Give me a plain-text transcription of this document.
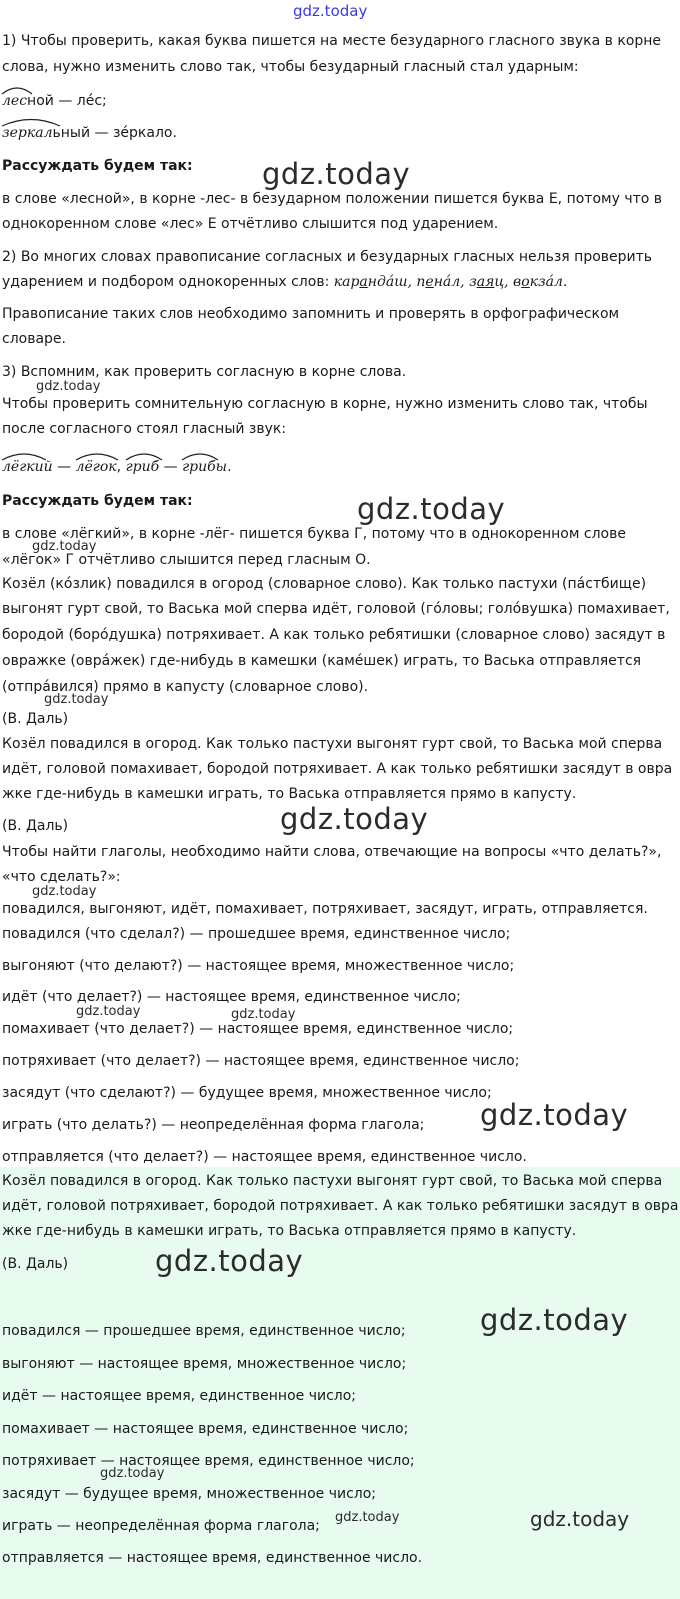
gdz.today
1) Чтобы проверить, какая буква пишется на месте безударного гласного звука в корне
слова, нужно изменить слово так, чтобы безударный гласный стал ударным:
лесной — лéс;
зеркальный — зéркало.
Рассуждать будем так:	gdz.today
в слове «лесной», в корне -лес- в безударном положении пишется буква Е, потому что в
однокоренном слове «лес» Е отчётливо слышится под ударением.
2) Во многих словах правописание согласных и безударных гласных нельзя проверить
ударением и подбором однокоренных слов: карандáш, пенáл, заяц, вокзáл.
Правописание таких слов необходимо запомнить и проверять в орфографическом
словаре.
3) Вспомним, как проверить согласную в корне слова.
gdz.today
Чтобы проверить сомнительную согласную в корне, нужно изменить слово так, чтобы
после согласного стоял гласный звук:
лёгкий — лёгок, гриб — грибы.
Рассуждать будем так:	gdz.today
в слове «лёгкий», в корне -лёг- пишется буква Г, потому что в однокоренном слове
gdz.today
«лёгок» Г отчётливо слышится перед гласным О.
Козёл (кóзлик) повадился в огород (словарное слово). Как только пастухи (пáстбище)
выгонят гурт свой, то Васька мой сперва идёт, головой (гóловы; голóвушка) помахивает,
бородой (борóдушка) потряхивает. А как только ребятишки (словарное слово) засядут в
овражке (оврáжек) где-нибудь в камешки (камéшек) играть, то Васька отправляется
(отпрáвился) прямо в капусту (словарное слово).
gdz.today
(В. Даль)
Козёл повадился в огород. Как только пастухи выгонят гурт свой, то Васька мой сперва
идёт, головой помахивает, бородой потряхивает. А как только ребятишки засядут в овра
жке где-нибудь в камешки играть, то Васька отправляется прямо в капусту.
(В. Даль)	gdz.today
Чтобы найти глаголы, необходимо найти слова, отвечающие на вопросы «что делать?»,
«что сделать?»:
gdz.today
повадился, выгоняют, идёт, помахивает, потряхивает, засядут, играть, отправляется.
повадился (что сделал?) — прошедшее время, единственное число;
выгоняют (что делают?) — настоящее время, множественное число;
идёт (что делает?) — настоящее время, единственное число;
gdz.today	gdz.today
помахивает (что делает?) — настоящее время, единственное число;
потряхивает (что делает?) — настоящее время, единственное число;
засядут (что сделают?) — будущее время, множественное число;
gdz.today
играть (что делать?) — неопределённая форма глагола;
отправляется (что делает?) — настоящее время, единственное число.
Козёл повадился в огород. Как только пастухи выгонят гурт свой, то Васька мой сперва
идёт, головой потряхивает, бородой потряхивает. А как только ребятишки засядут в овра
жке где-нибудь в камешки играть, то Васька отправляется прямо в капусту.
(В. Даль)	gdz.today
gdz.today
повадился — прошедшее время, единственное число;
выгоняют — настоящее время, множественное число;
идёт — настоящее время, единственное число;
помахивает — настоящее время, единственное число;
потряхивает — настоящее время, единственное число;
gdz.today
засядут — будущее время, множественное число;
gdz.today	gdz.today
играть — неопределённая форма глагола;
отправляется — настоящее время, единственное число.
